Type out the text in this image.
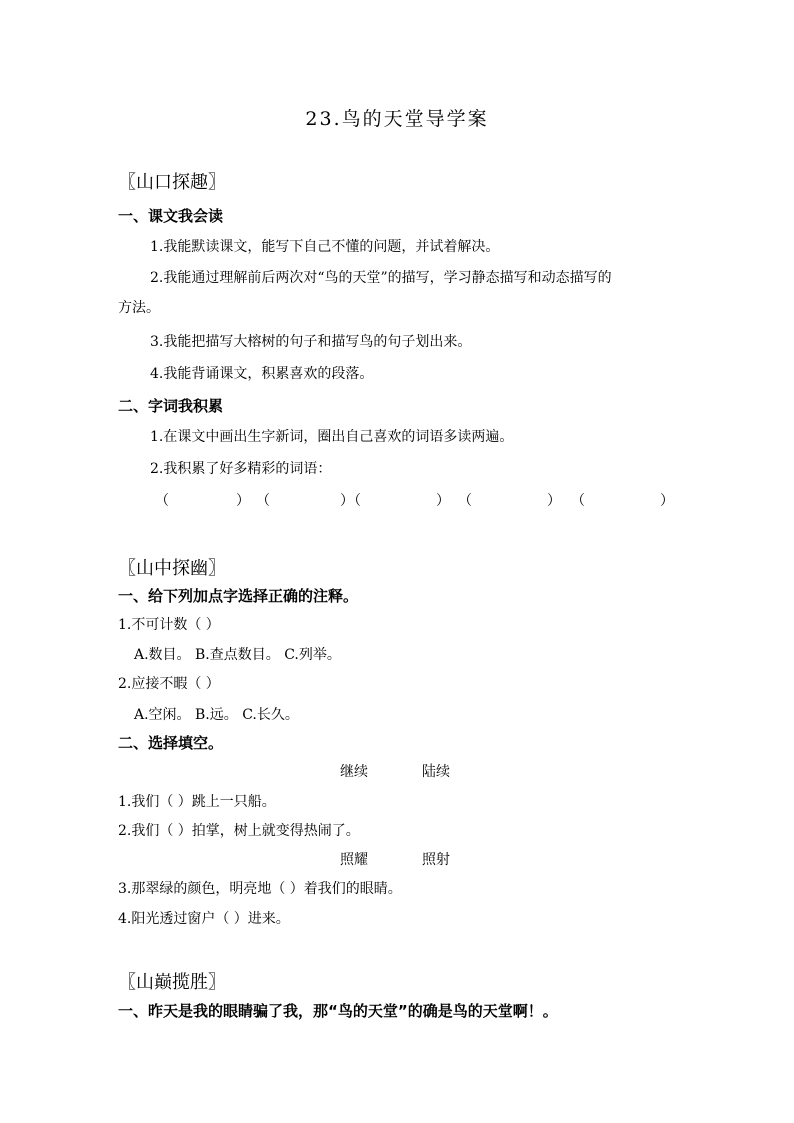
23.鸟的天堂导学案
〖山口探趣〗
一、课文我会读
1.我能默读课文，能写下自己不懂的问题，并试着解决。
2.我能通过理解前后两次对“鸟的天堂”的描写，学习静态描写和动态描写的
方法。
3.我能把描写大榕树的句子和描写鸟的句子划出来。
4.我能背诵课文，积累喜欢的段落。
二、字词我积累
1.在课文中画出生字新词，圈出自己喜欢的词语多读两遍。
2.我积累了好多精彩的词语：
（	） （	）（	） （	） （	）
〖山中探幽〗
一、给下列加点字选择正确的注释。
1.不可计数（ ）
A.数目。 B.查点数目。 C.列举。
2.应接不暇（ ）
A.空闲。 B.远。 C.长久。
二、选择填空。
继续	陆续
1.我们（ ）跳上一只船。
2.我们（ ）拍掌，树上就变得热闹了。
照耀	照射
3.那翠绿的颜色，明亮地（ ）着我们的眼睛。
4.阳光透过窗户（ ）进来。
〖山巅揽胜〗
一、昨天是我的眼睛骗了我，那“鸟的天堂”的确是鸟的天堂啊！。
